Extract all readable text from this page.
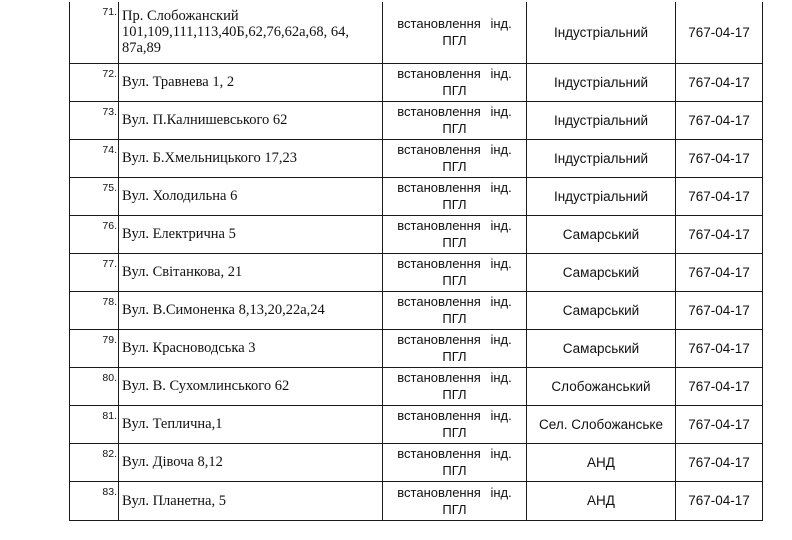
71.	Пр. Слобожанский 101,109,111,113,40Б,62,76,62а,68, 64, 87а,89	встановлення інд.
ПГЛ	Індустріальний	767-04-17

72.	Вул. Травнева 1, 2	встановлення інд.
ПГЛ	Індустріальний	767-04-17

73.	Вул. П.Калнишевського 62	встановлення інд.
ПГЛ	Індустріальний	767-04-17

74.	Вул. Б.Хмельницького 17,23	встановлення інд.
ПГЛ	Індустріальний	767-04-17

75.	Вул. Холодильна 6	встановлення інд.
ПГЛ	Індустріальний	767-04-17

76.	Вул. Електрична 5	встановлення інд.
ПГЛ	Самарський	767-04-17

77.	Вул. Світанкова, 21	встановлення інд.
ПГЛ	Самарський	767-04-17

78.	Вул. В.Симоненка 8,13,20,22а,24	встановлення інд.
ПГЛ	Самарський	767-04-17

79.	Вул. Красноводська 3	встановлення інд.
ПГЛ	Самарський	767-04-17

80.	Вул. В. Сухомлинського 62	встановлення інд.
ПГЛ	Слобожанський	767-04-17

81.	Вул. Теплична,1	встановлення інд.
ПГЛ	Сел. Слобожанське	767-04-17

82.	Вул. Дівоча 8,12	встановлення інд.
ПГЛ	АНД	767-04-17

83.	Вул. Планетна, 5	встановлення інд.
ПГЛ	АНД	767-04-17
